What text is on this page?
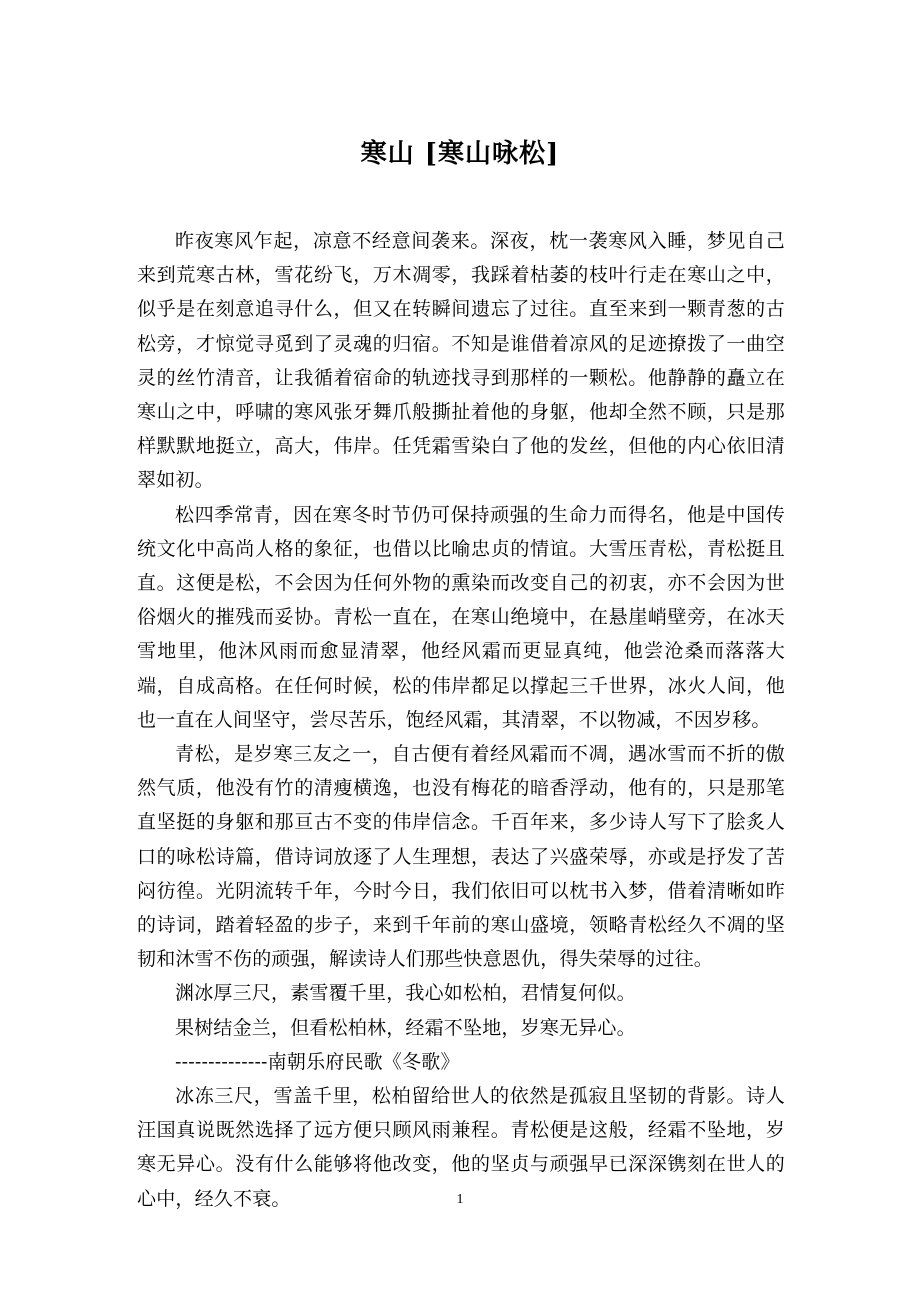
寒山 [寒山咏松]

昨夜寒风乍起，凉意不经意间袭来。深夜，枕一袭寒风入睡，梦见自己来到荒寒古林，雪花纷飞，万木凋零，我踩着枯萎的枝叶行走在寒山之中，似乎是在刻意追寻什么，但又在转瞬间遗忘了过往。直至来到一颗青葱的古松旁，才惊觉寻觅到了灵魂的归宿。不知是谁借着凉风的足迹撩拨了一曲空灵的丝竹清音，让我循着宿命的轨迹找寻到那样的一颗松。他静静的矗立在寒山之中，呼啸的寒风张牙舞爪般撕扯着他的身躯，他却全然不顾，只是那样默默地挺立，高大，伟岸。任凭霜雪染白了他的发丝，但他的内心依旧清翠如初。

松四季常青，因在寒冬时节仍可保持顽强的生命力而得名，他是中国传统文化中高尚人格的象征，也借以比喻忠贞的情谊。大雪压青松，青松挺且直。这便是松，不会因为任何外物的熏染而改变自己的初衷，亦不会因为世俗烟火的摧残而妥协。青松一直在，在寒山绝境中，在悬崖峭壁旁，在冰天雪地里，他沐风雨而愈显清翠，他经风霜而更显真纯，他尝沧桑而落落大端，自成高格。在任何时候，松的伟岸都足以撑起三千世界，冰火人间，他也一直在人间坚守，尝尽苦乐，饱经风霜，其清翠，不以物减，不因岁移。

青松，是岁寒三友之一，自古便有着经风霜而不凋，遇冰雪而不折的傲然气质，他没有竹的清瘦横逸，也没有梅花的暗香浮动，他有的，只是那笔直坚挺的身躯和那亘古不变的伟岸信念。千百年来，多少诗人写下了脍炙人口的咏松诗篇，借诗词放逐了人生理想，表达了兴盛荣辱，亦或是抒发了苦闷彷徨。光阴流转千年，今时今日，我们依旧可以枕书入梦，借着清晰如昨的诗词，踏着轻盈的步子，来到千年前的寒山盛境，领略青松经久不凋的坚韧和沐雪不伤的顽强，解读诗人们那些快意恩仇，得失荣辱的过往。

渊冰厚三尺，素雪覆千里，我心如松柏，君情复何似。

果树结金兰，但看松柏林，经霜不坠地，岁寒无异心。

--------------南朝乐府民歌《冬歌》

冰冻三尺，雪盖千里，松柏留给世人的依然是孤寂且坚韧的背影。诗人汪国真说既然选择了远方便只顾风雨兼程。青松便是这般，经霜不坠地，岁寒无异心。没有什么能够将他改变，他的坚贞与顽强早已深深镌刻在世人的心中，经久不衰。	1
